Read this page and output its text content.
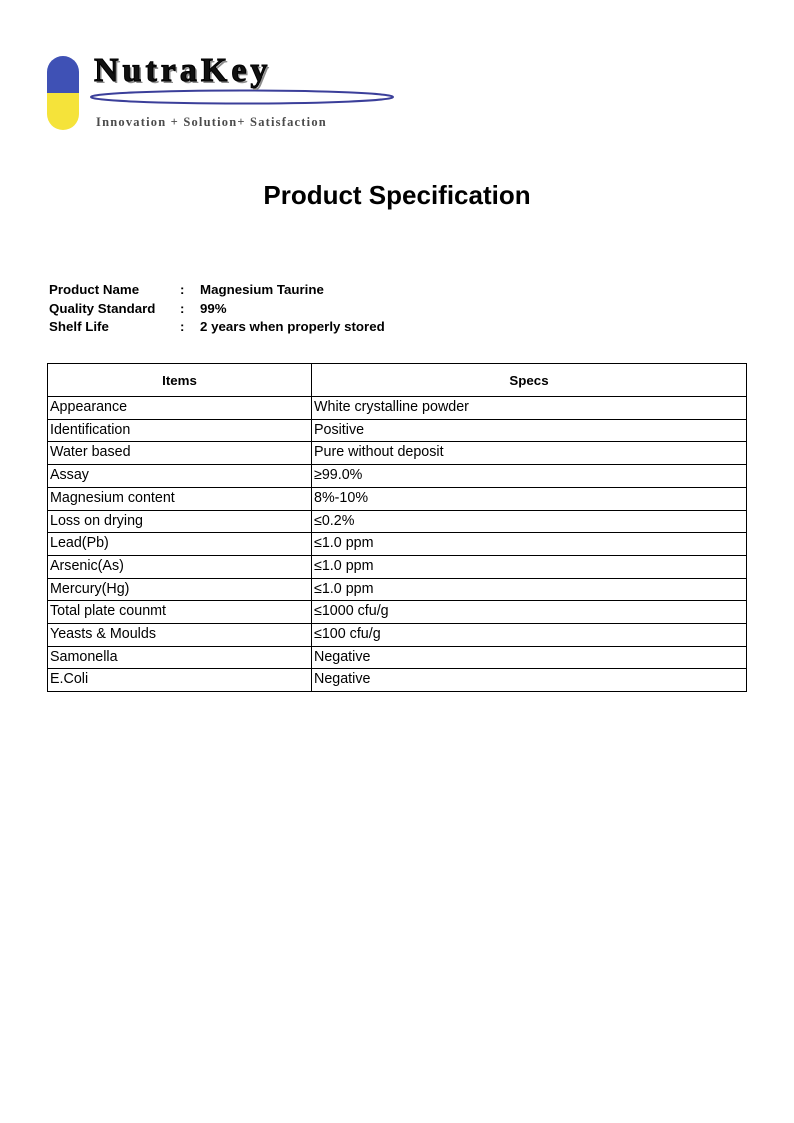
NutraKey
Innovation + Solution+ Satisfaction
Product Specification
Product Name	: Magnesium Taurine
Quality Standard : 99%
Shelf Life	: 2 years when properly stored
Items	Specs
Appearance	White crystalline powder
Identification	Positive
Water based	Pure without deposit
Assay	≥99.0%
Magnesium content	8%-10%
Loss on drying	≤0.2%
Lead(Pb)	≤1.0 ppm
Arsenic(As)	≤1.0 ppm
Mercury(Hg)	≤1.0 ppm
Total plate counmt	≤1000 cfu/g
Yeasts & Moulds	≤100 cfu/g
Samonella	Negative
E.Coli	Negative
